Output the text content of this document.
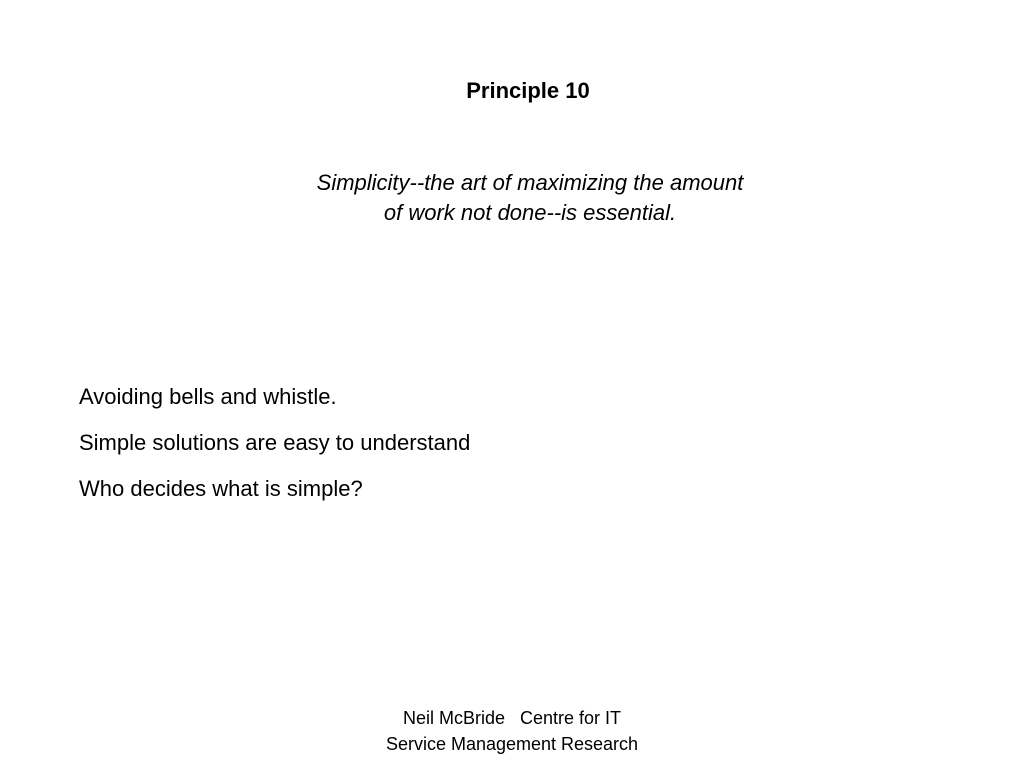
Principle 10
Simplicity--the art of maximizing the amount
of work not done--is essential.
Avoiding bells and whistle.
Simple solutions are easy to understand
Who decides what is simple?
Neil McBride   Centre for IT
Service Management Research
